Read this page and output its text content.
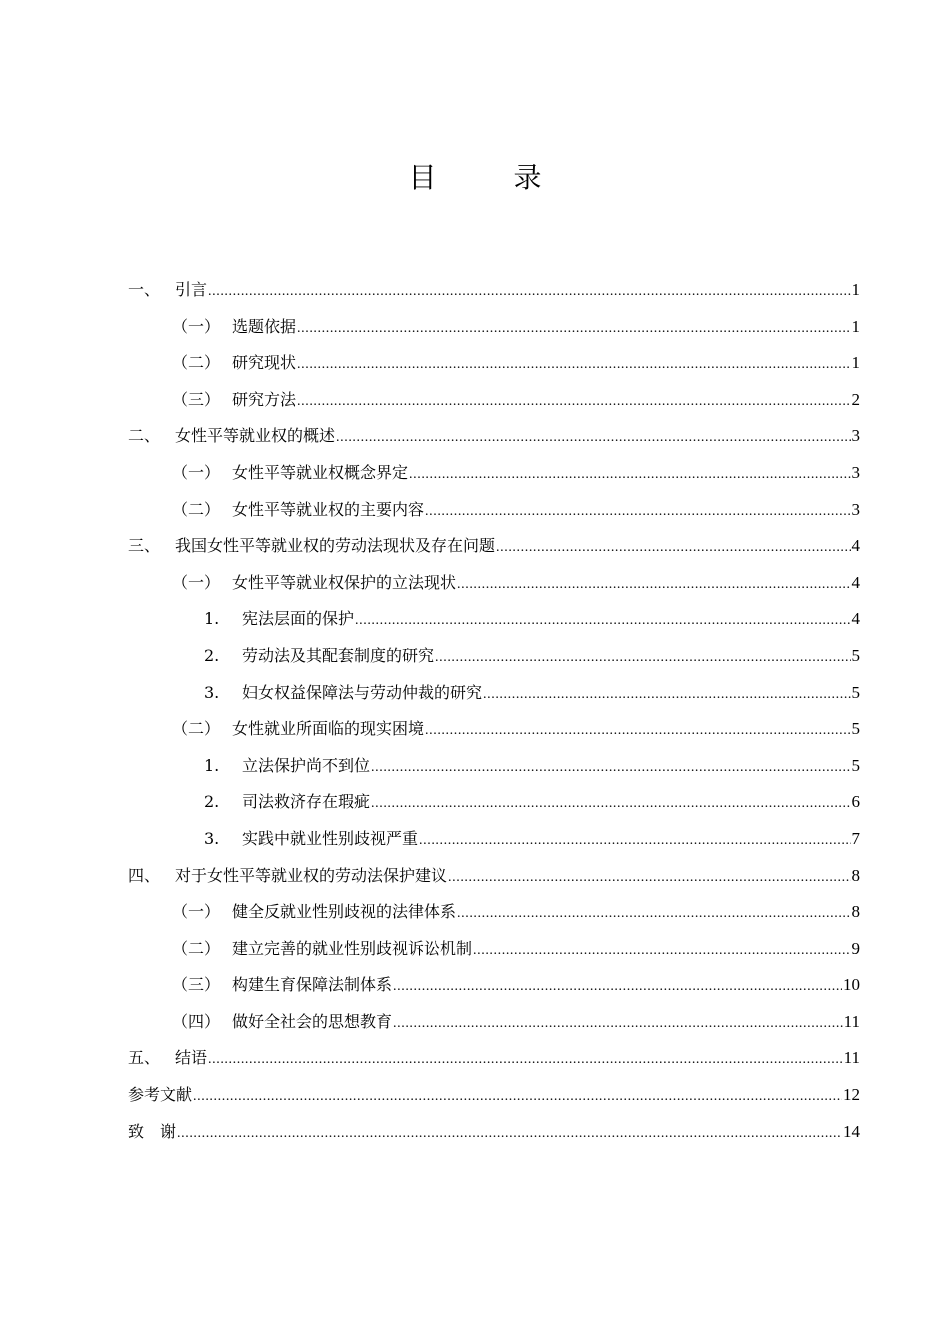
目 录
一、 引言 .....	1
（一） 选题依据 .....	1
（二） 研究现状 .....	1
（三） 研究方法 .....	2
二、 女性平等就业权的概述 .....	3
（一） 女性平等就业权概念界定 .....	3
（二） 女性平等就业权的主要内容 .....	3
三、 我国女性平等就业权的劳动法现状及存在问题 .....	4
（一） 女性平等就业权保护的立法现状 .....	4
1.	宪法层面的保护 .....	4
2.	劳动法及其配套制度的研究 .....	5
3.	妇女权益保障法与劳动仲裁的研究 .....	5
（二） 女性就业所面临的现实困境 .....	5
1.	立法保护尚不到位 .....	5
2.	司法救济存在瑕疵 .....	6
3.	实践中就业性别歧视严重 .....	7
四、 对于女性平等就业权的劳动法保护建议 .....	8
（一） 健全反就业性别歧视的法律体系 .....	8
（二） 建立完善的就业性别歧视诉讼机制 .....	9
（三） 构建生育保障法制体系 .....	10
（四） 做好全社会的思想教育 .....	11
五、 结语 .....	11
参考文献 .....	12
致　谢 .....	14
